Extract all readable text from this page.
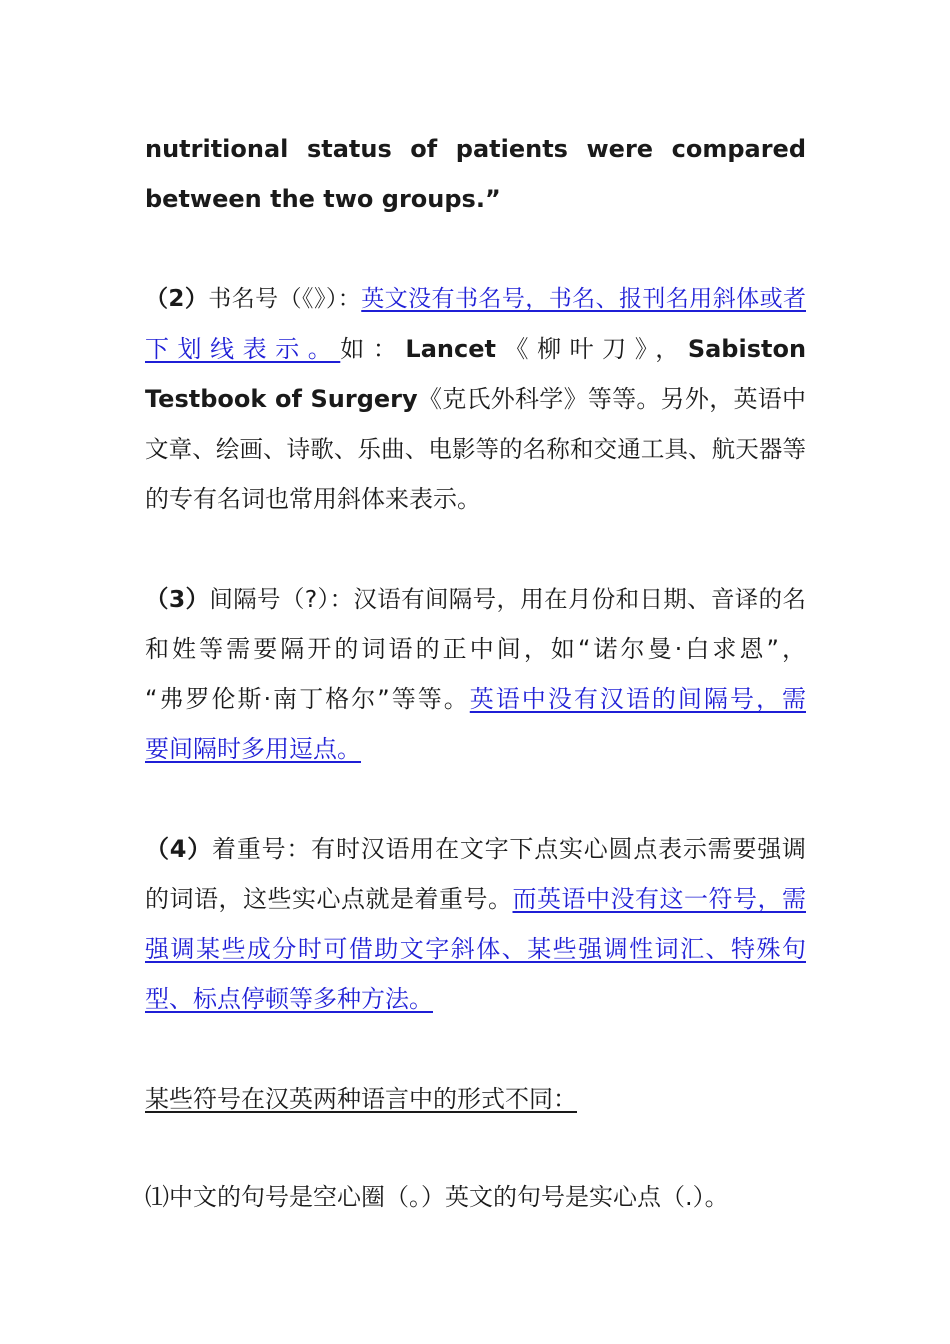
nutritional status of patients were compared
between the two groups.”
（2）书名号（《》）：英文没有书名号，书名、报刊名用斜体或者
下划线表示。如：Lancet《柳叶刀》，Sabiston
Testbook of Surgery《克氏外科学》等等。另外，英语中
文章、绘画、诗歌、乐曲、电影等的名称和交通工具、航天器等
的专有名词也常用斜体来表示。
（3）间隔号（?）：汉语有间隔号，用在月份和日期、音译的名
和姓等需要隔开的词语的正中间，如“诺尔曼·白求恩”，
“弗罗伦斯·南丁格尔”等等。英语中没有汉语的间隔号，需
要间隔时多用逗点。
（4）着重号：有时汉语用在文字下点实心圆点表示需要强调
的词语，这些实心点就是着重号。而英语中没有这一符号，需
强调某些成分时可借助文字斜体、某些强调性词汇、特殊句
型、标点停顿等多种方法。
某些符号在汉英两种语言中的形式不同：
⑴中文的句号是空心圈（。）英文的句号是实心点（.）。
